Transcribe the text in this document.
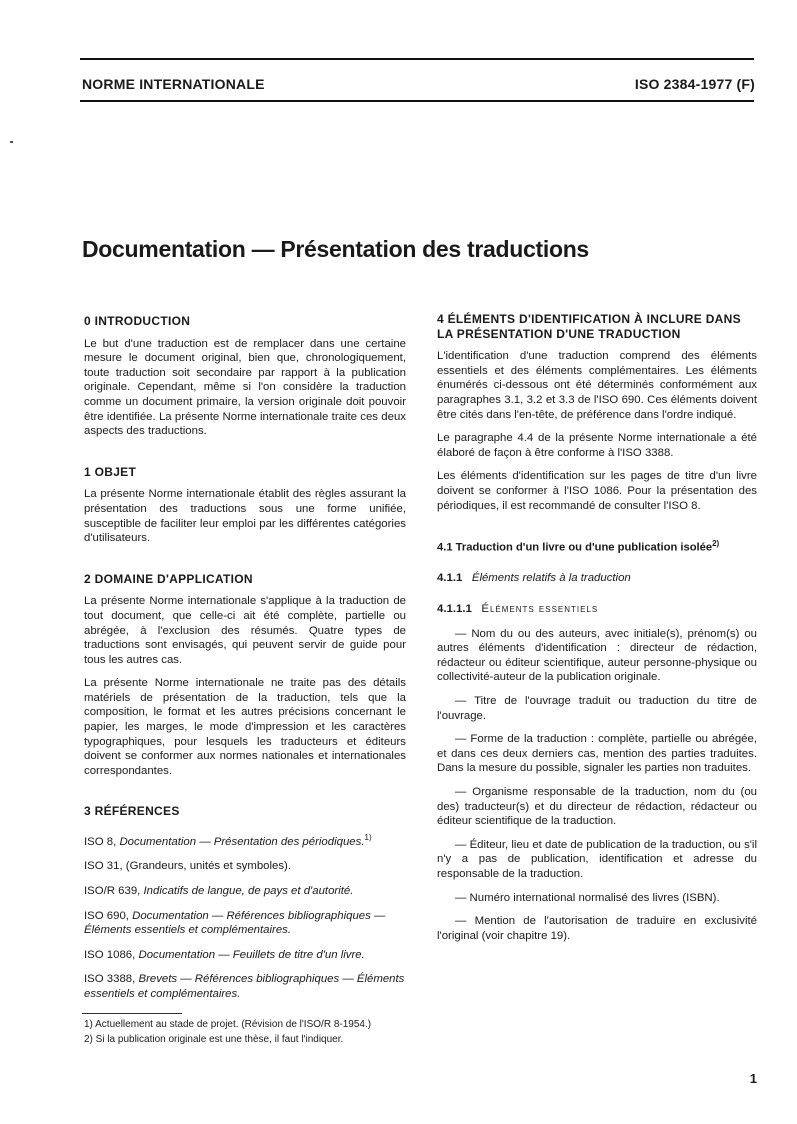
NORME INTERNATIONALE	ISO 2384-1977 (F)
Documentation — Présentation des traductions
0 INTRODUCTION

Le but d'une traduction est de remplacer dans une certaine mesure le document original, bien que, chronologiquement, toute traduction soit secondaire par rapport à la publication originale. Cependant, même si l'on considère la traduction comme un document primaire, la version originale doit pouvoir être identifiée. La présente Norme internationale traite ces deux aspects des traductions.

1 OBJET

La présente Norme internationale établit des règles assurant la présentation des traductions sous une forme unifiée, susceptible de faciliter leur emploi par les différentes catégories d'utilisateurs.

2 DOMAINE D'APPLICATION

La présente Norme internationale s'applique à la traduction de tout document, que celle-ci ait été complète, partielle ou abrégée, à l'exclusion des résumés. Quatre types de traductions sont envisagés, qui peuvent servir de guide pour tous les autres cas.

La présente Norme internationale ne traite pas des détails matériels de présentation de la traduction, tels que la composition, le format et les autres précisions concernant le papier, les marges, le mode d'impression et les caractères typographiques, pour lesquels les traducteurs et éditeurs doivent se conformer aux normes nationales et internationales correspondantes.

3 RÉFÉRENCES
ISO 8, Documentation — Présentation des périodiques.$^{1)}$
ISO 31, (Grandeurs, unités et symboles).
ISO/R 639, Indicatifs de langue, de pays et d'autorité.
ISO 690, Documentation — Références bibliographiques — Éléments essentiels et complémentaires.
ISO 1086, Documentation — Feuillets de titre d'un livre.
ISO 3388, Brevets — Références bibliographiques — Éléments essentiels et complémentaires.
4 ÉLÉMENTS D'IDENTIFICATION À INCLURE DANS
LA PRÉSENTATION D'UNE TRADUCTION

L'identification d'une traduction comprend des éléments essentiels et des éléments complémentaires. Les éléments énumérés ci-dessous ont été déterminés conformément aux paragraphes 3.1, 3.2 et 3.3 de l'ISO 690. Ces éléments doivent être cités dans l'en-tête, de préférence dans l'ordre indiqué.

Le paragraphe 4.4 de la présente Norme internationale a été élaboré de façon à être conforme à l'ISO 3388.

Les éléments d'identification sur les pages de titre d'un livre doivent se conformer à l'ISO 1086. Pour la présentation des périodiques, il est recommandé de consulter l'ISO 8.

4.1 Traduction d'un livre ou d'une publication isolée$^{2)}$

4.1.1 Éléments relatifs à la traduction

4.1.1.1 Éléments essentiels

— Nom du ou des auteurs, avec initiale(s), prénom(s) ou autres éléments d'identification : directeur de rédaction, rédacteur ou éditeur scientifique, auteur personne-physique ou collectivité-auteur de la publication originale.

— Titre de l'ouvrage traduit ou traduction du titre de l'ouvrage.

— Forme de la traduction : complète, partielle ou abrégée, et dans ces deux derniers cas, mention des parties traduites. Dans la mesure du possible, signaler les parties non traduites.

— Organisme responsable de la traduction, nom du (ou des) traducteur(s) et du directeur de rédaction, rédacteur ou éditeur scientifique de la traduction.

— Éditeur, lieu et date de publication de la traduction, ou s'il n'y a pas de publication, identification et adresse du responsable de la traduction.

— Numéro international normalisé des livres (ISBN).

— Mention de l'autorisation de traduire en exclusivité l'original (voir chapitre 19).

1) Actuellement au stade de projet. (Révision de l'ISO/R 8-1954.)
2) Si la publication originale est une thèse, il faut l'indiquer.
1
